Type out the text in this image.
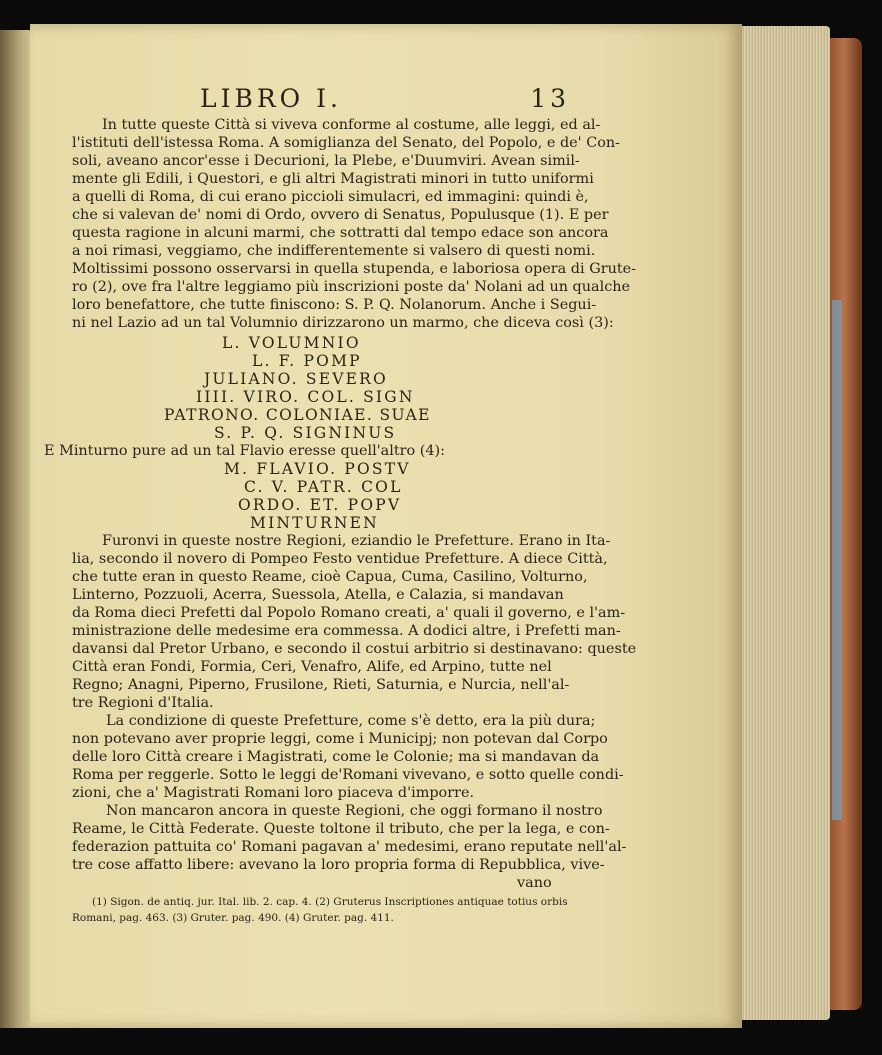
LIBRO I.	13
In tutte queste Città si viveva conforme al costume, alle leggi, ed al-
l'istituti dell'istessa Roma. A somiglianza del Senato, del Popolo, e de' Con-
soli, aveano ancor'esse i Decurioni, la Plebe, e'Duumviri. Avean simil-
mente gli Edili, i Questori, e gli altri Magistrati minori in tutto uniformi
a quelli di Roma, di cui erano piccioli simulacri, ed immagini: quindi è,
che si valevan de' nomi di Ordo, ovvero di Senatus, Populusque (1). E per
questa ragione in alcuni marmi, che sottratti dal tempo edace son ancora
a noi rimasi, veggiamo, che indifferentemente si valsero di questi nomi.
Moltissimi possono osservarsi in quella stupenda, e laboriosa opera di Grute-
ro (2), ove fra l'altre leggiamo più inscrizioni poste da' Nolani ad un qualche
loro benefattore, che tutte finiscono: S. P. Q. Nolanorum. Anche i Segui-
ni nel Lazio ad un tal Volumnio dirizzarono un marmo, che diceva così (3):
L. VOLUMNIO
L. F. POMP
JULIANO. SEVERO
IIII. VIRO. COL. SIGN
PATRONO. COLONIAE. SUAE
S. P. Q. SIGNINUS
E Minturno pure ad un tal Flavio eresse quell'altro (4):
M. FLAVIO. POSTV
C. V. PATR. COL
ORDO. ET. POPV
MINTURNEN
Furonvi in queste nostre Regioni, eziandio le Prefetture. Erano in Ita-
lia, secondo il novero di Pompeo Festo ventidue Prefetture. A diece Città,
che tutte eran in questo Reame, cioè Capua, Cuma, Casilino, Volturno,
Linterno, Pozzuoli, Acerra, Suessola, Atella, e Calazia, si mandavan
da Roma dieci Prefetti dal Popolo Romano creati, a' quali il governo, e l'am-
ministrazione delle medesime era commessa. A dodici altre, i Prefetti man-
davansi dal Pretor Urbano, e secondo il costui arbitrio si destinavano: queste
Città eran Fondi, Formia, Ceri, Venafro, Alife, ed Arpino, tutte nel
Regno; Anagni, Piperno, Frusilone, Rieti, Saturnia, e Nurcia, nell'al-
tre Regioni d'Italia.
La condizione di queste Prefetture, come s'è detto, era la più dura;
non potevano aver proprie leggi, come i Municipj; non potevan dal Corpo
delle loro Città creare i Magistrati, come le Colonie; ma si mandavan da
Roma per reggerle. Sotto le leggi de'Romani vivevano, e sotto quelle condi-
zioni, che a' Magistrati Romani loro piaceva d'imporre.
Non mancaron ancora in queste Regioni, che oggi formano il nostro
Reame, le Città Federate. Queste toltone il tributo, che per la lega, e con-
federazion pattuita co' Romani pagavan a' medesimi, erano reputate nell'al-
tre cose affatto libere: avevano la loro propria forma di Repubblica, vive-
vano
(1) Sigon. de antiq. jur. Ital. lib. 2. cap. 4. (2) Gruterus Inscriptiones antiquae totius orbis
Romani, pag. 463. (3) Gruter. pag. 490. (4) Gruter. pag. 411.
